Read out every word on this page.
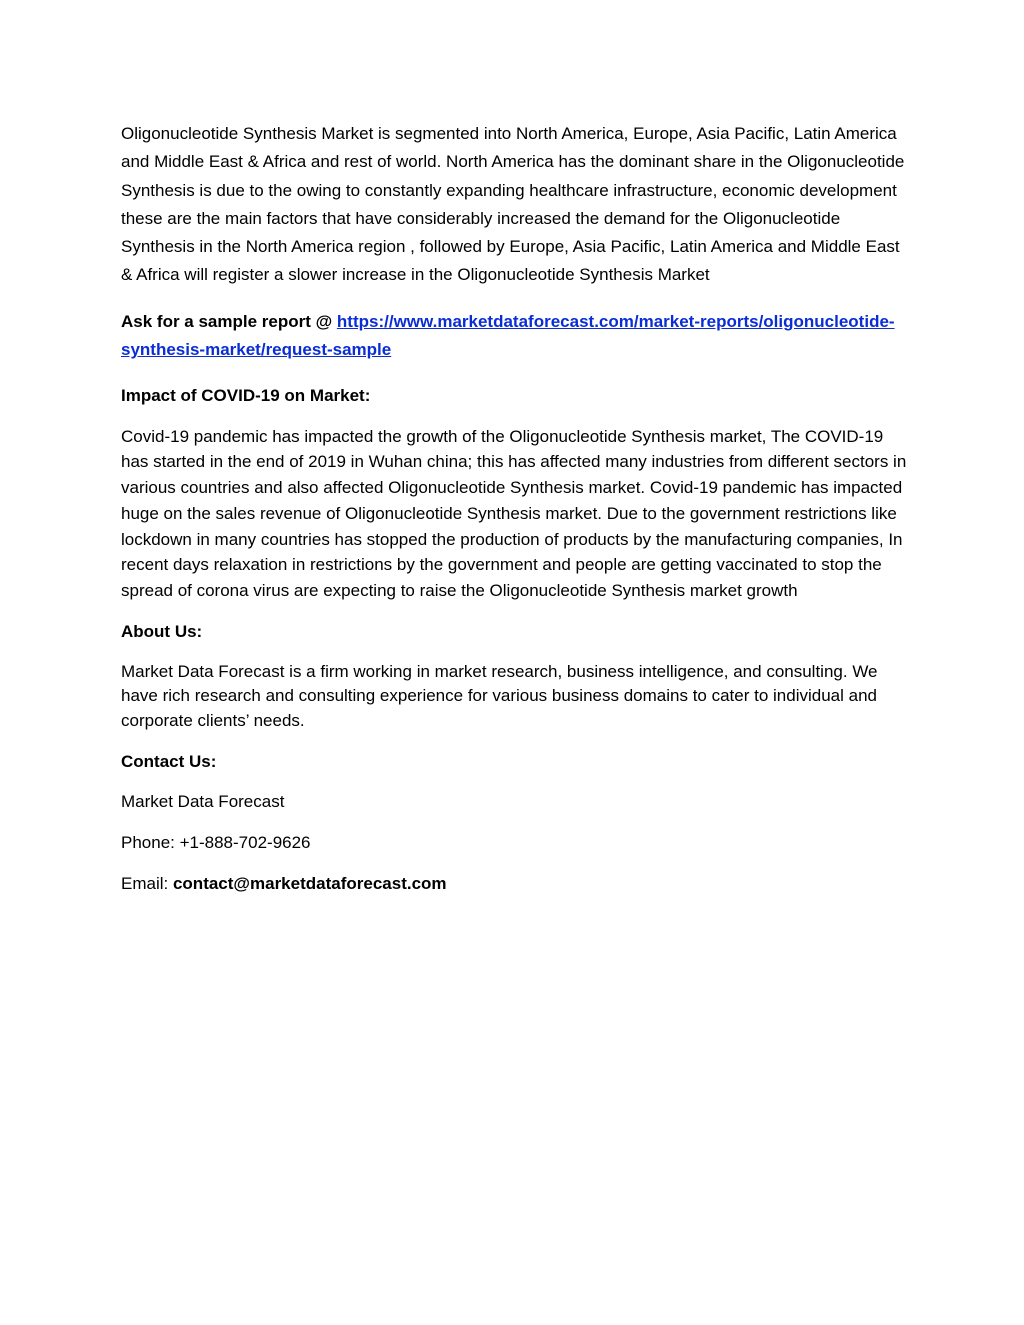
Oligonucleotide Synthesis Market is segmented into North America, Europe, Asia Pacific, Latin America and Middle East & Africa and rest of world. North America has the dominant share in the Oligonucleotide Synthesis is due to the owing to constantly expanding healthcare infrastructure, economic development these are the main factors that have considerably increased the demand for the Oligonucleotide Synthesis in the North America region , followed by Europe, Asia Pacific, Latin America and Middle East & Africa will register a slower increase in the Oligonucleotide Synthesis Market

Ask for a sample report @ https://www.marketdataforecast.com/market-reports/oligonucleotide-synthesis-market/request-sample

Impact of COVID-19 on Market:

Covid-19 pandemic has impacted the growth of the Oligonucleotide Synthesis market, The COVID-19 has started in the end of 2019 in Wuhan china; this has affected many industries from different sectors in various countries and also affected Oligonucleotide Synthesis market. Covid-19 pandemic has impacted huge on the sales revenue of Oligonucleotide Synthesis market. Due to the government restrictions like lockdown in many countries has stopped the production of products by the manufacturing companies, In recent days relaxation in restrictions by the government and people are getting vaccinated to stop the spread of corona virus are expecting to raise the Oligonucleotide Synthesis market growth

About Us:

Market Data Forecast is a firm working in market research, business intelligence, and consulting. We have rich research and consulting experience for various business domains to cater to individual and corporate clients’ needs.

Contact Us:

Market Data Forecast

Phone: +1-888-702-9626

Email: contact@marketdataforecast.com
